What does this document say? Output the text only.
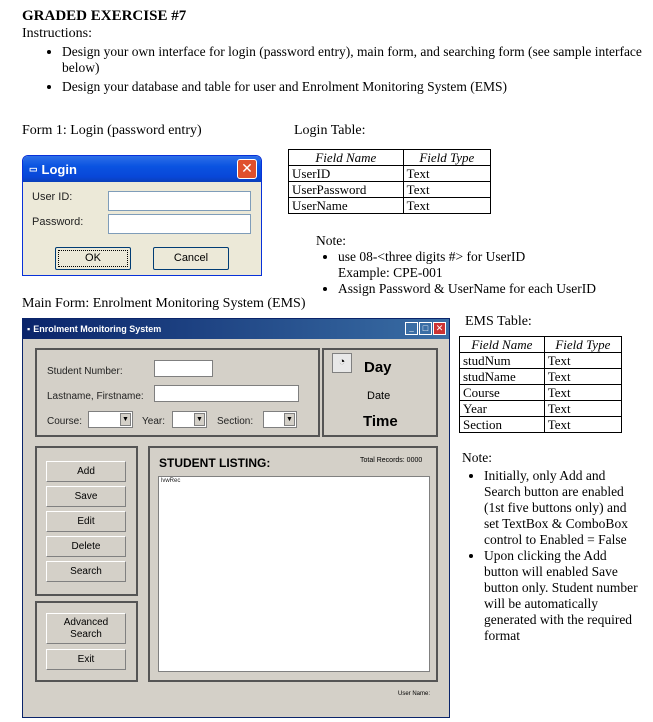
GRADED EXERCISE #7
Instructions:
• Design your own interface for login (password entry), main form, and searching form (see sample interface below)
• Design your database and table for user and Enrolment Monitoring System (EMS)
Form 1: Login (password entry)	Login Table:
▭ Login	✕
User ID:
Password:
OK	Cancel
Field Name	Field Type
UserID	Text
UserPassword	Text
UserName	Text
Note:
• use 08-<three digits #> for UserID
Example: CPE-001
• Assign Password & UserName for each UserID
Main Form: Enrolment Monitoring System (EMS)
▪ Enrolment Monitoring System	_	□ ✕
Student Number:
Lastname, Firstname:
Course:	▼ Year:	▼ Section:	▼
◔	Day
Date
Time
Add
Save
Edit
Delete
Search
Advanced Search
Exit
STUDENT LISTING:	Total Records: 0000
lvwRec
User Name:
EMS Table:
Field Name	Field Type
studNum	Text
studName	Text
Course	Text
Year	Text
Section	Text
Note:
• Initially, only Add and Search button are enabled (1st five buttons only) and set TextBox & ComboBox control to Enabled = False
• Upon clicking the Add button will enabled Save button only. Student number will be automatically generated with the required format
